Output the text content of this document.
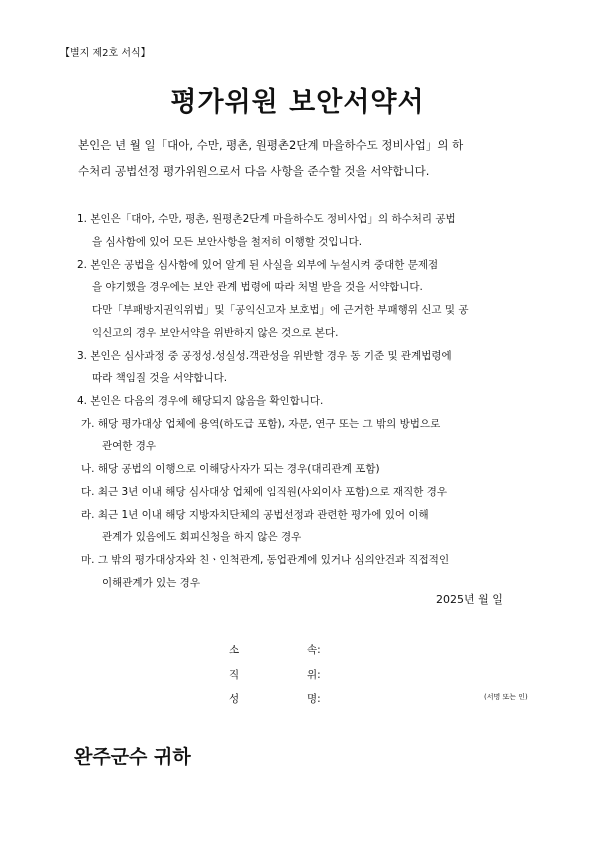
【별지 제2호 서식】
평가위원 보안서약서
본인은 년 월 일「대아, 수만, 평촌, 원평촌2단계 마을하수도 정비사업」의 하
수처리 공법선정 평가위원으로서 다음 사항을 준수할 것을 서약합니다.
1. 본인은「대아, 수만, 평촌, 원평촌2단계 마을하수도 정비사업」의 하수처리 공법
을 심사함에 있어 모든 보안사항을 철저히 이행할 것입니다.
2. 본인은 공법을 심사함에 있어 알게 된 사실을 외부에 누설시켜 중대한 문제점
을 야기했을 경우에는 보안 관계 법령에 따라 처벌 받을 것을 서약합니다.
다만「부패방지권익위법」및「공익신고자 보호법」에 근거한 부패행위 신고 및 공
익신고의 경우 보안서약을 위반하지 않은 것으로 본다.
3. 본인은 심사과정 중 공정성.성실성.객관성을 위반할 경우 동 기준 및 관계법령에
따라 책임질 것을 서약합니다.
4. 본인은 다음의 경우에 해당되지 않음을 확인합니다.
가. 해당 평가대상 업체에 용역(하도급 포함), 자문, 연구 또는 그 밖의 방법으로
관여한 경우
나. 해당 공법의 이행으로 이해당사자가 되는 경우(대리관계 포함)
다. 최근 3년 이내 해당 심사대상 업체에 임직원(사외이사 포함)으로 재직한 경우
라. 최근 1년 이내 해당 지방자치단체의 공법선정과 관련한 평가에 있어 이해
관계가 있음에도 회피신청을 하지 않은 경우
마. 그 밖의 평가대상자와 친ㆍ인척관계, 동업관계에 있거나 심의안건과 직접적인
이해관계가 있는 경우
2025년 월 일
소	속:
직	위:
성	명:	(서명 또는 인)
완주군수 귀하
